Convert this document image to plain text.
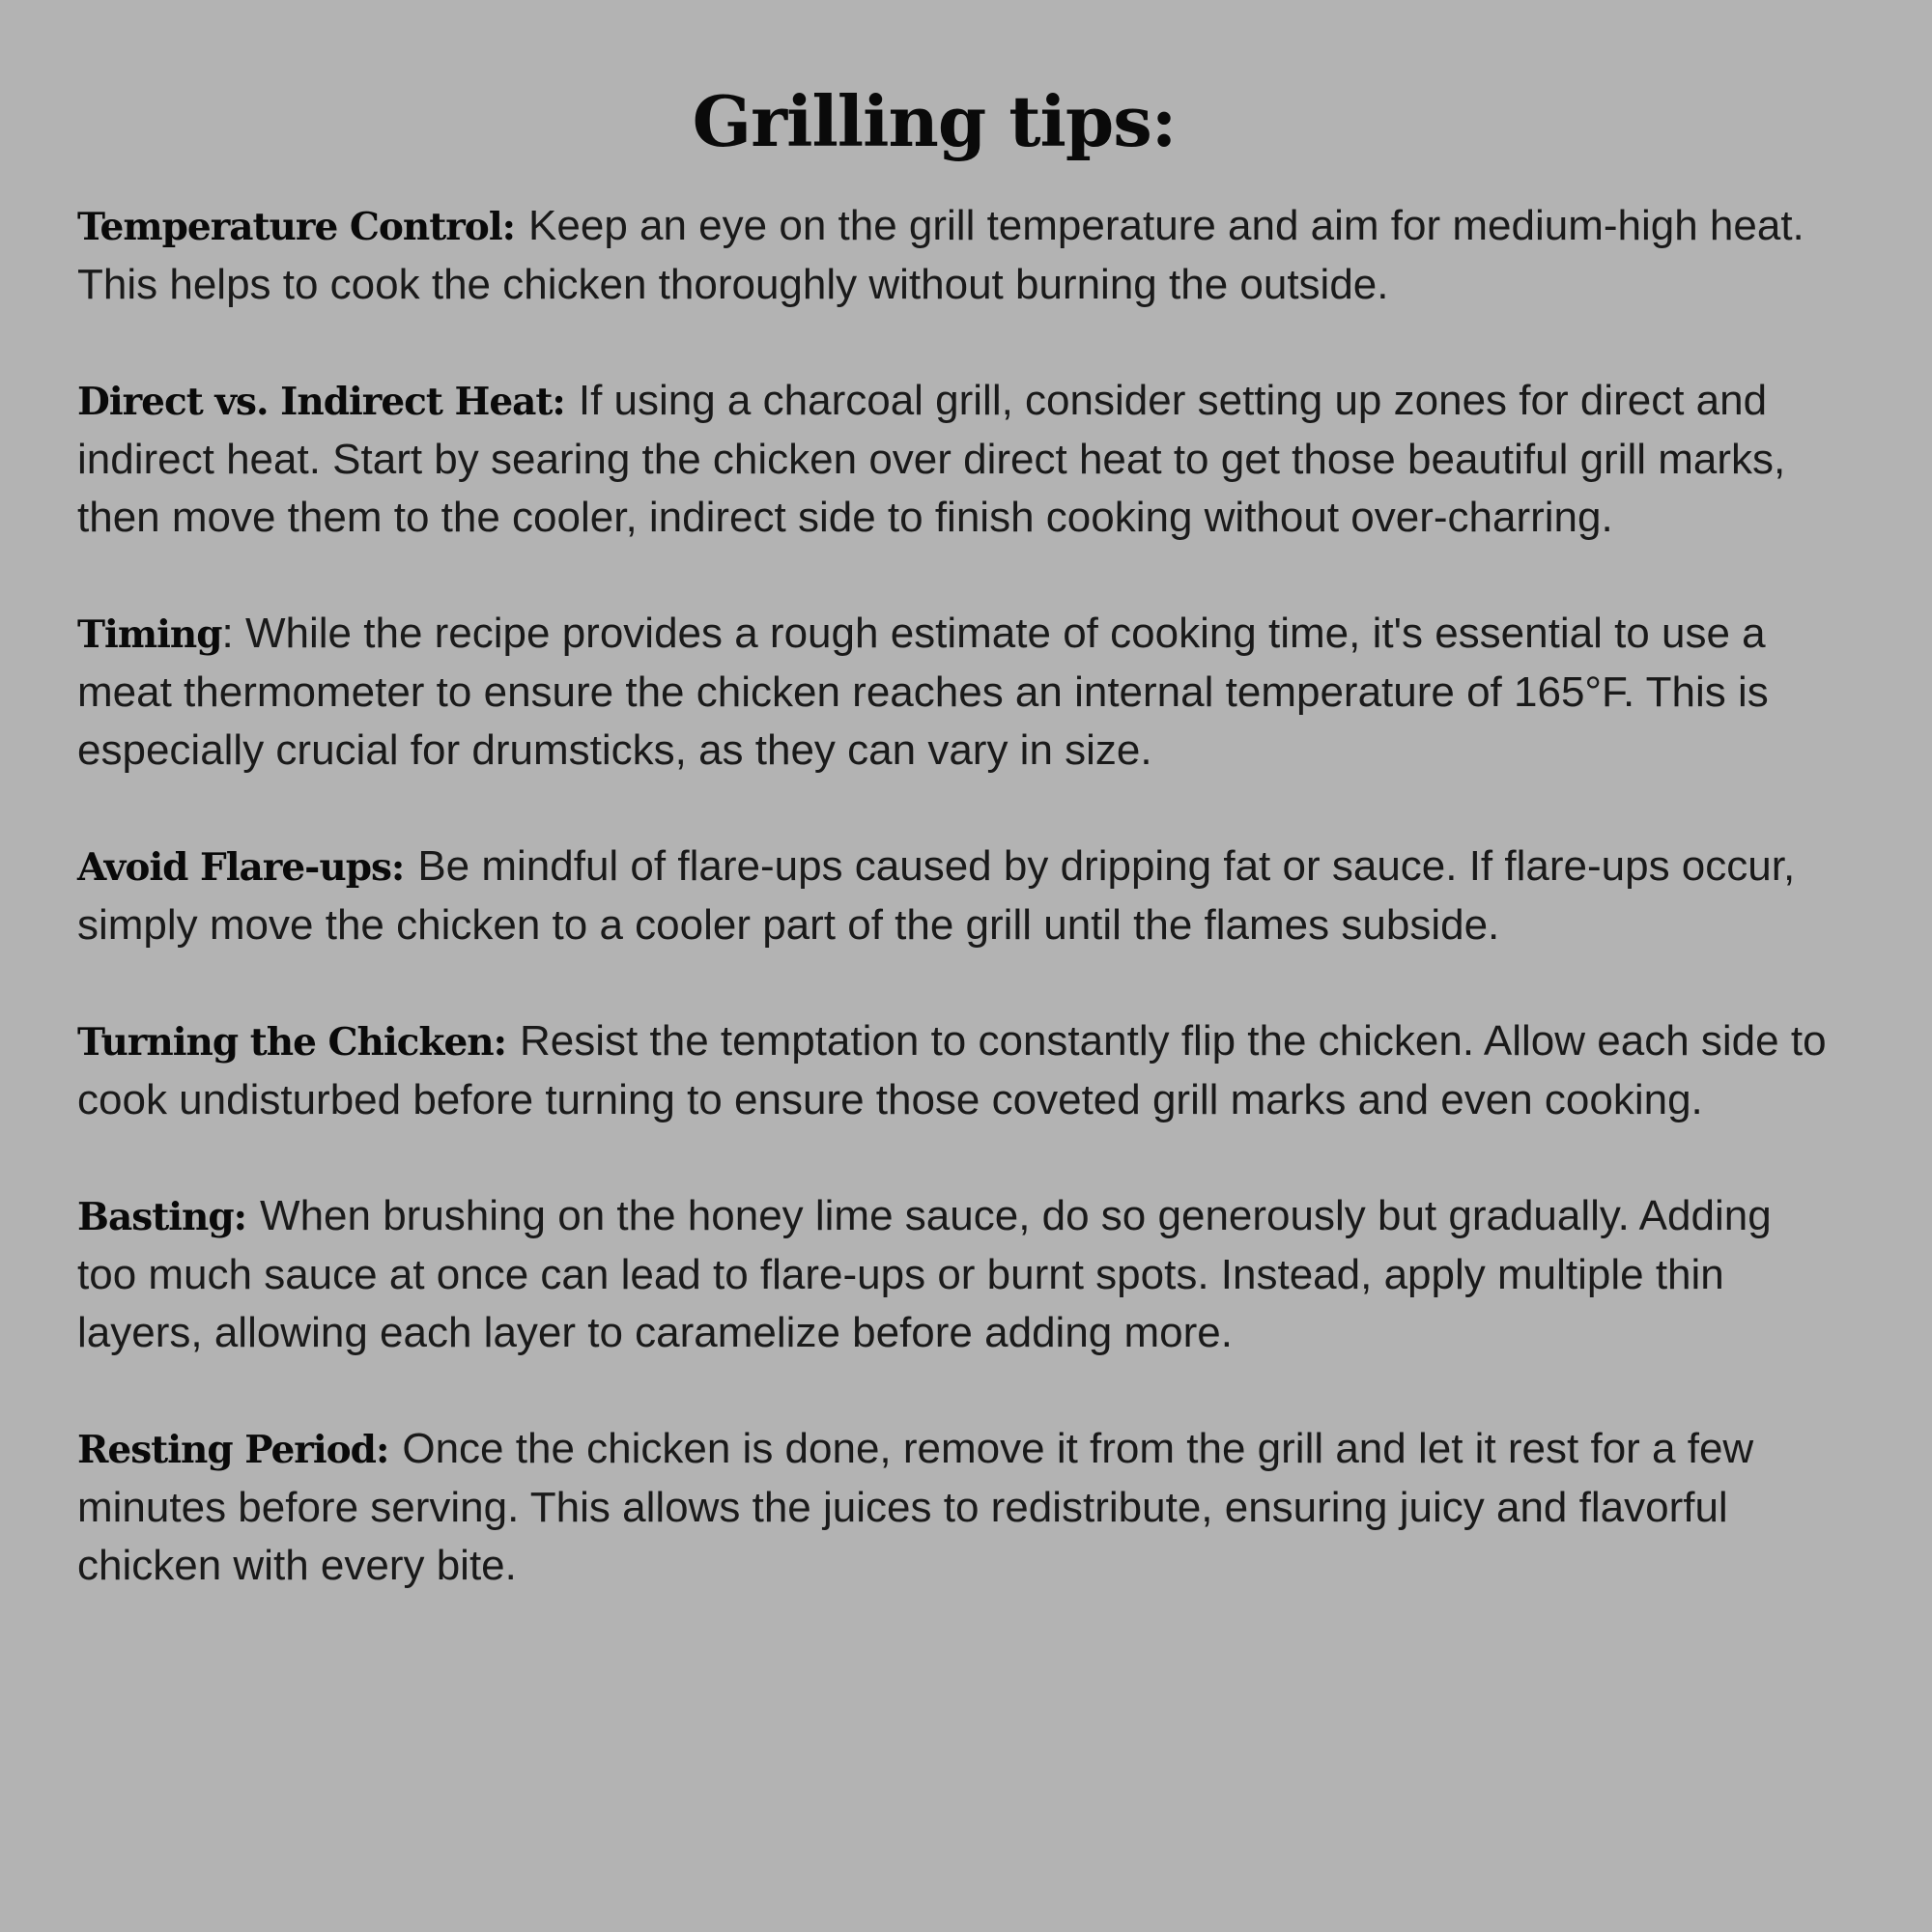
Grilling tips:

Temperature Control: Keep an eye on the grill temperature and aim for medium-high heat. This helps to cook the chicken thoroughly without burning the outside.

Direct vs. Indirect Heat: If using a charcoal grill, consider setting up zones for direct and indirect heat. Start by searing the chicken over direct heat to get those beautiful grill marks, then move them to the cooler, indirect side to finish cooking without over-charring.

Timing: While the recipe provides a rough estimate of cooking time, it's essential to use a meat thermometer to ensure the chicken reaches an internal temperature of 165°F. This is especially crucial for drumsticks, as they can vary in size.

Avoid Flare-ups: Be mindful of flare-ups caused by dripping fat or sauce. If flare-ups occur, simply move the chicken to a cooler part of the grill until the flames subside.

Turning the Chicken: Resist the temptation to constantly flip the chicken. Allow each side to cook undisturbed before turning to ensure those coveted grill marks and even cooking.

Basting: When brushing on the honey lime sauce, do so generously but gradually. Adding too much sauce at once can lead to flare-ups or burnt spots. Instead, apply multiple thin layers, allowing each layer to caramelize before adding more.

Resting Period: Once the chicken is done, remove it from the grill and let it rest for a few minutes before serving. This allows the juices to redistribute, ensuring juicy and flavorful chicken with every bite.
